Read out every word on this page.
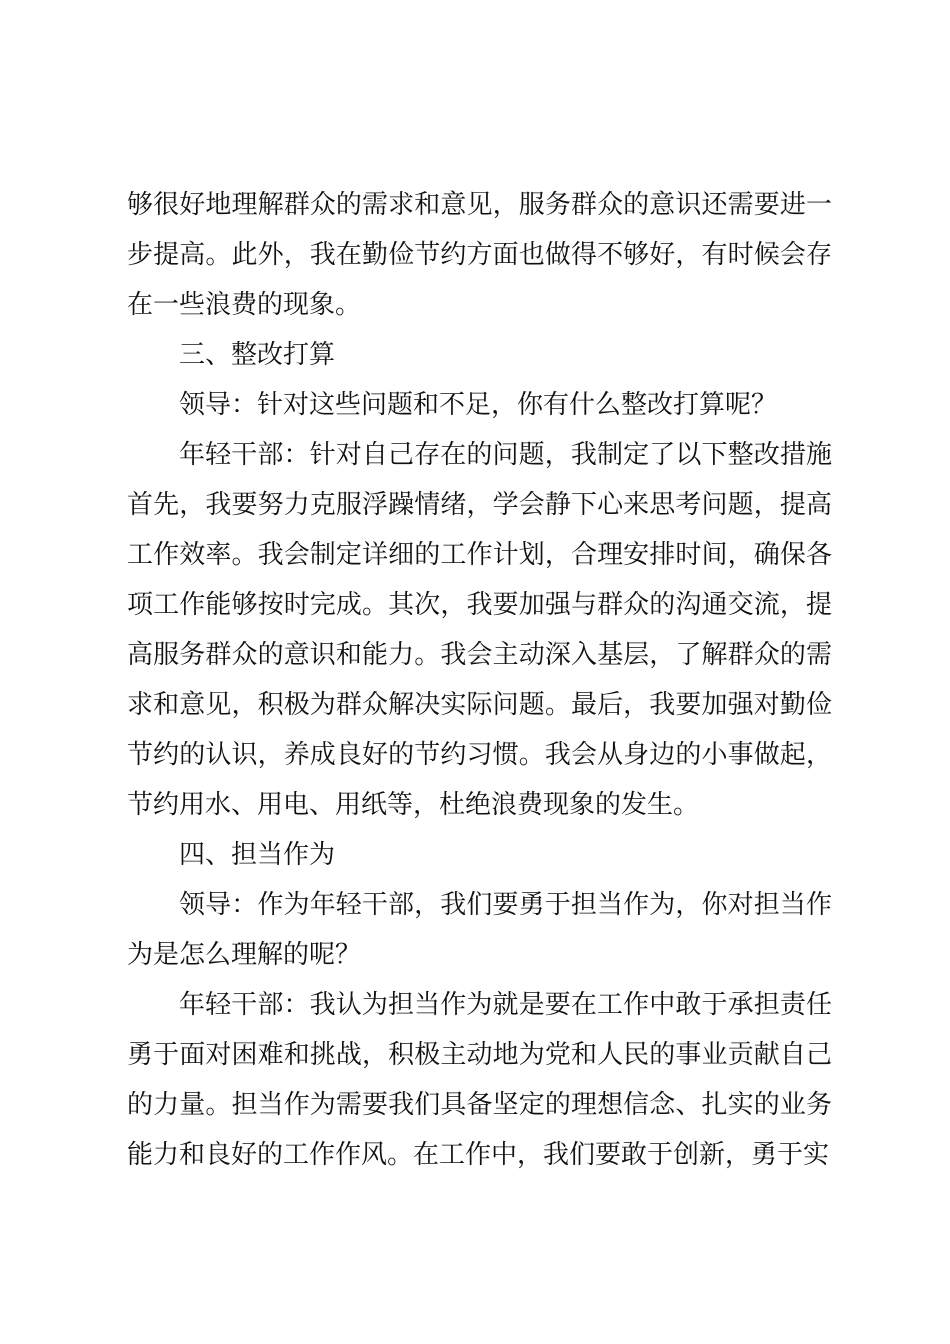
够很好地理解群众的需求和意见，服务群众的意识还需要进一步提高。此外，我在勤俭节约方面也做得不够好，有时候会存在一些浪费的现象。

三、整改打算

领导：针对这些问题和不足，你有什么整改打算呢？

年轻干部：针对自己存在的问题，我制定了以下整改措施首先，我要努力克服浮躁情绪，学会静下心来思考问题，提高工作效率。我会制定详细的工作计划，合理安排时间，确保各项工作能够按时完成。其次，我要加强与群众的沟通交流，提高服务群众的意识和能力。我会主动深入基层，了解群众的需求和意见，积极为群众解决实际问题。最后，我要加强对勤俭节约的认识，养成良好的节约习惯。我会从身边的小事做起，节约用水、用电、用纸等，杜绝浪费现象的发生。

四、担当作为

领导：作为年轻干部，我们要勇于担当作为，你对担当作为是怎么理解的呢？

年轻干部：我认为担当作为就是要在工作中敢于承担责任勇于面对困难和挑战，积极主动地为党和人民的事业贡献自己的力量。担当作为需要我们具备坚定的理想信念、扎实的业务能力和良好的工作作风。在工作中，我们要敢于创新，勇于实
